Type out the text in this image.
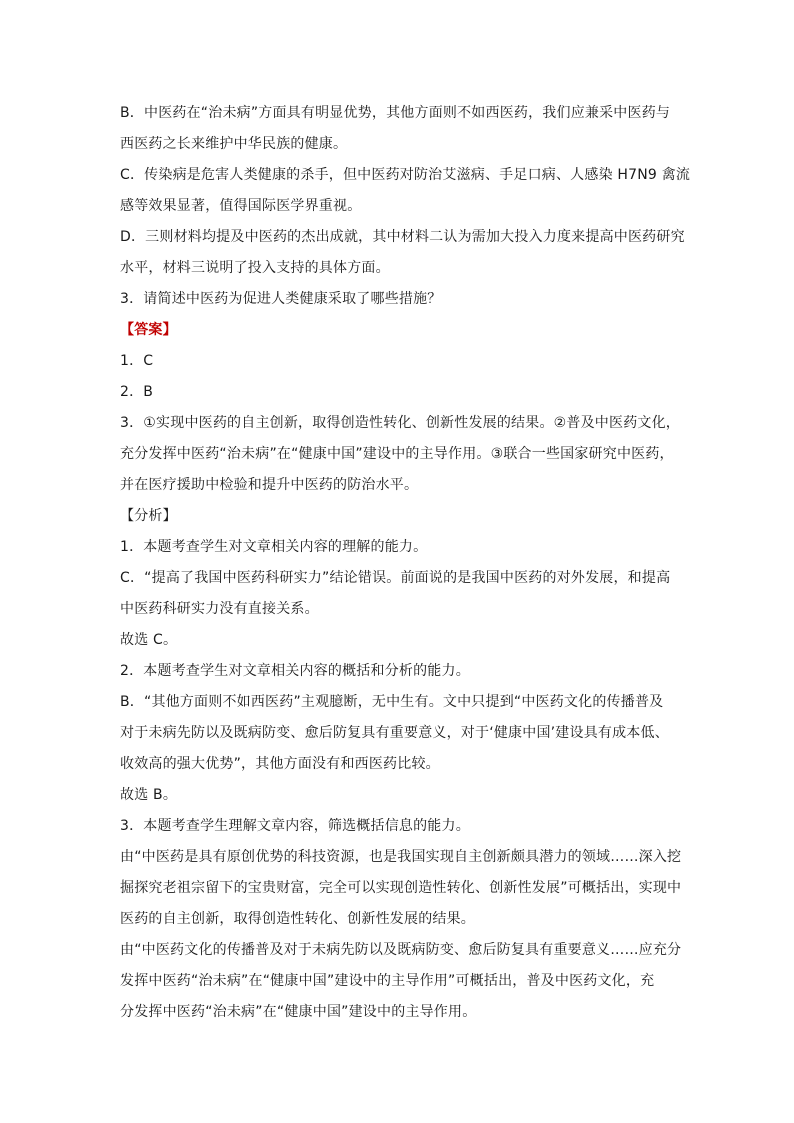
B．中医药在“治未病”方面具有明显优势，其他方面则不如西医药，我们应兼采中医药与
西医药之长来维护中华民族的健康。
C．传染病是危害人类健康的杀手，但中医药对防治艾滋病、手足口病、人感染 H7N9 禽流
感等效果显著，值得国际医学界重视。
D．三则材料均提及中医药的杰出成就，其中材料二认为需加大投入力度来提高中医药研究
水平，材料三说明了投入支持的具体方面。
3．请简述中医药为促进人类健康采取了哪些措施？
【答案】
1．C
2．B
3．①实现中医药的自主创新，取得创造性转化、创新性发展的结果。②普及中医药文化，
充分发挥中医药“治未病”在“健康中国”建设中的主导作用。③联合一些国家研究中医药，
并在医疗援助中检验和提升中医药的防治水平。
【分析】
1．本题考查学生对文章相关内容的理解的能力。
C．“提高了我国中医药科研实力”结论错误。前面说的是我国中医药的对外发展，和提高
中医药科研实力没有直接关系。
故选 C。
2．本题考查学生对文章相关内容的概括和分析的能力。
B．“其他方面则不如西医药”主观臆断，无中生有。文中只提到“中医药文化的传播普及
对于未病先防以及既病防变、愈后防复具有重要意义，对于‘健康中国’建设具有成本低、
收效高的强大优势”，其他方面没有和西医药比较。
故选 B。
3．本题考查学生理解文章内容，筛选概括信息的能力。
由“中医药是具有原创优势的科技资源，也是我国实现自主创新颇具潜力的领域……深入挖
掘探究老祖宗留下的宝贵财富，完全可以实现创造性转化、创新性发展”可概括出，实现中
医药的自主创新，取得创造性转化、创新性发展的结果。
由“中医药文化的传播普及对于未病先防以及既病防变、愈后防复具有重要意义……应充分
发挥中医药“治未病”在“健康中国”建设中的主导作用”可概括出，普及中医药文化，充
分发挥中医药“治未病”在“健康中国”建设中的主导作用。
